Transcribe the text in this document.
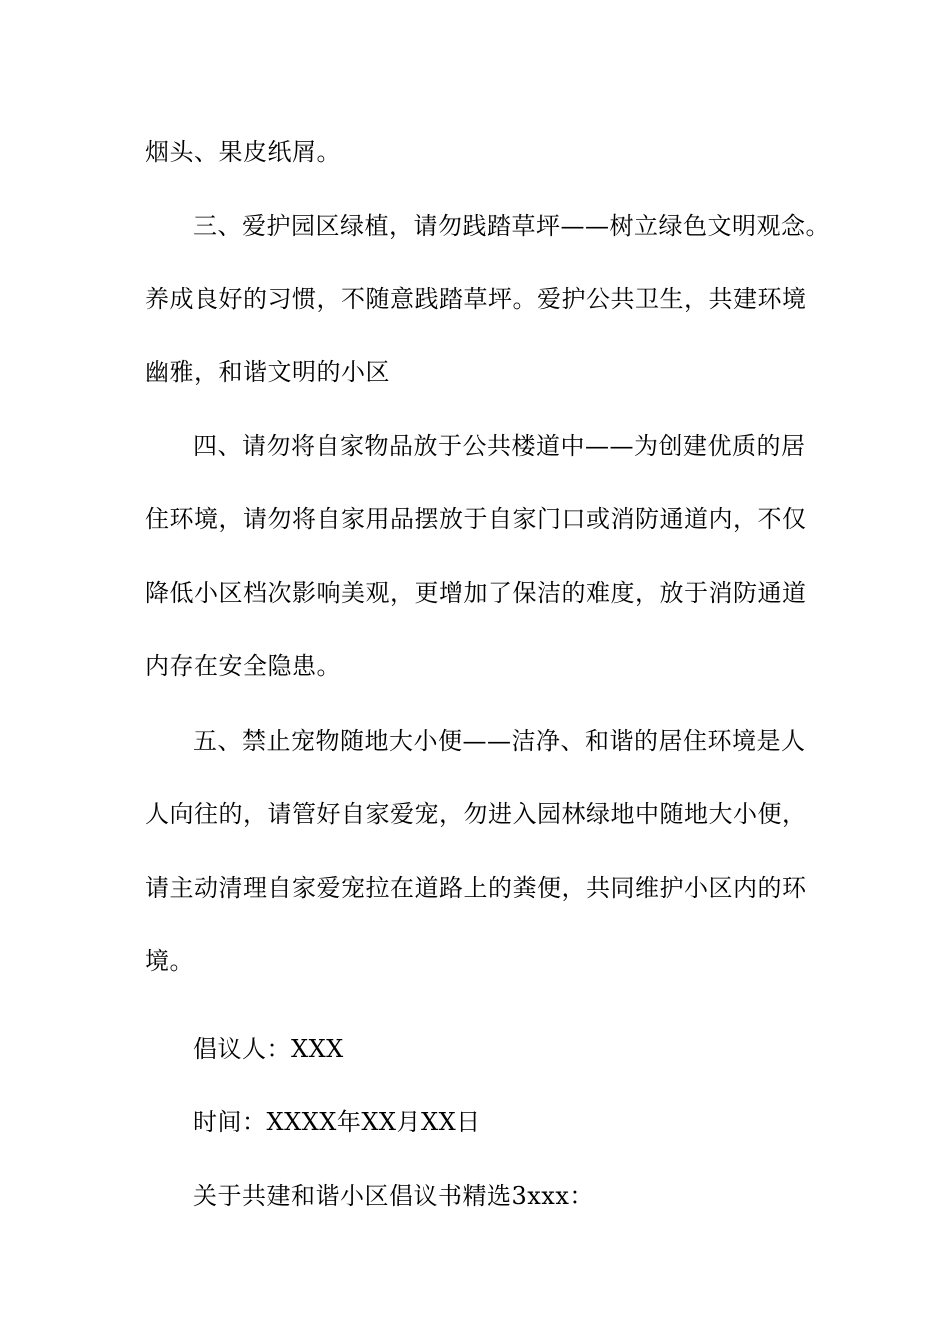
烟头、果皮纸屑。
三、爱护园区绿植，请勿践踏草坪——树立绿色文明观念。
养成良好的习惯，不随意践踏草坪。爱护公共卫生，共建环境
幽雅，和谐文明的小区
四、请勿将自家物品放于公共楼道中——为创建优质的居
住环境，请勿将自家用品摆放于自家门口或消防通道内，不仅
降低小区档次影响美观，更增加了保洁的难度，放于消防通道
内存在安全隐患。
五、禁止宠物随地大小便——洁净、和谐的居住环境是人
人向往的，请管好自家爱宠，勿进入园林绿地中随地大小便，
请主动清理自家爱宠拉在道路上的粪便，共同维护小区内的环
境。
倡议人：XXX
时间：XXXX年XX月XX日
关于共建和谐小区倡议书精选3xxx：
